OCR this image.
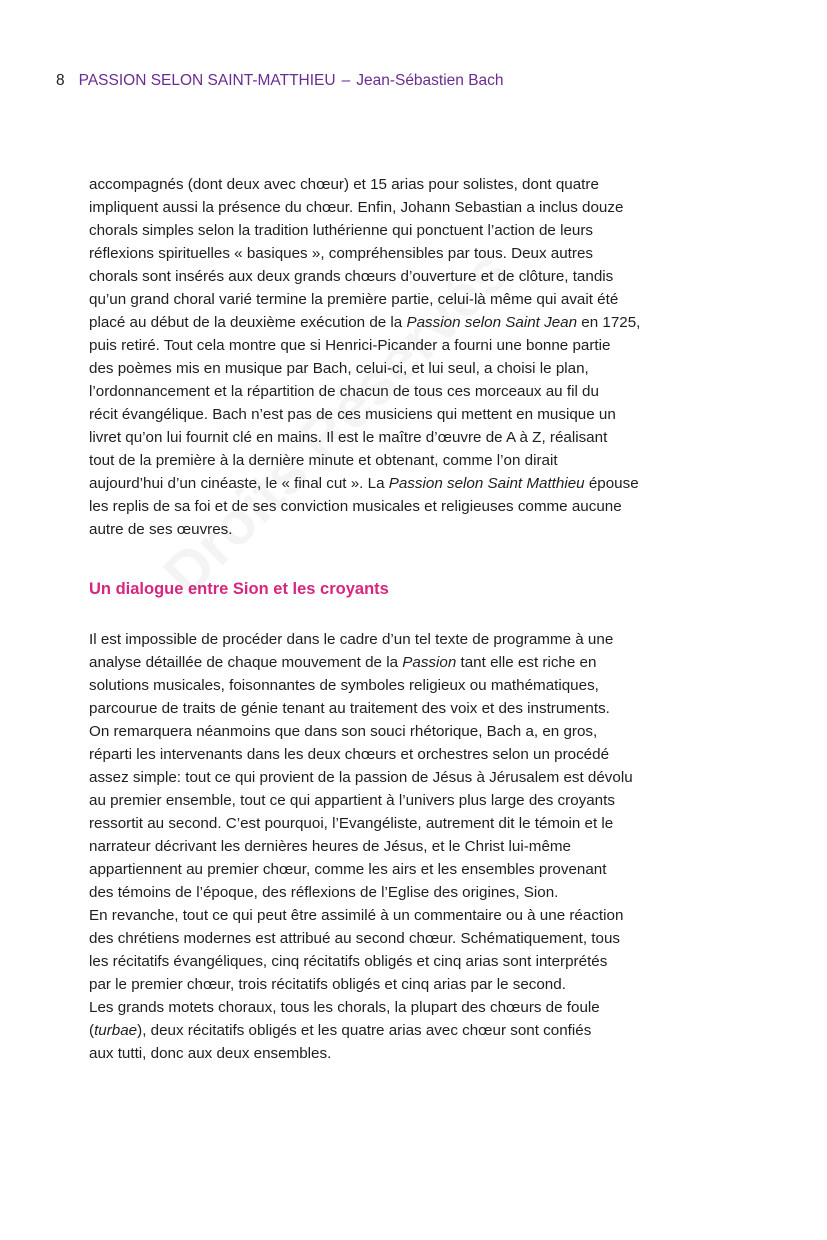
8 PASSION SELON SAINT-MATTHIEU – Jean-Sébastien Bach
accompagnés (dont deux avec chœur) et 15 arias pour solistes, dont quatre
impliquent aussi la présence du chœur. Enfin, Johann Sebastian a inclus douze
chorals simples selon la tradition luthérienne qui ponctuent l’action de leurs
réflexions spirituelles « basiques », compréhensibles par tous. Deux autres
chorals sont insérés aux deux grands chœurs d’ouverture et de clôture, tandis
qu’un grand choral varié termine la première partie, celui-là même qui avait été
placé au début de la deuxième exécution de la Passion selon Saint Jean en 1725,
puis retiré. Tout cela montre que si Henrici-Picander a fourni une bonne partie
des poèmes mis en musique par Bach, celui-ci, et lui seul, a choisi le plan,
l’ordonnancement et la répartition de chacun de tous ces morceaux au fil du
récit évangélique. Bach n’est pas de ces musiciens qui mettent en musique un
livret qu’on lui fournit clé en mains. Il est le maître d’œuvre de A à Z, réalisant
tout de la première à la dernière minute et obtenant, comme l’on dirait
aujourd’hui d’un cinéaste, le « final cut ». La Passion selon Saint Matthieu épouse
les replis de sa foi et de ses conviction musicales et religieuses comme aucune
autre de ses œuvres.
Un dialogue entre Sion et les croyants
Il est impossible de procéder dans le cadre d’un tel texte de programme à une
analyse détaillée de chaque mouvement de la Passion tant elle est riche en
solutions musicales, foisonnantes de symboles religieux ou mathématiques,
parcourue de traits de génie tenant au traitement des voix et des instruments.
On remarquera néanmoins que dans son souci rhétorique, Bach a, en gros,
réparti les intervenants dans les deux chœurs et orchestres selon un procédé
assez simple: tout ce qui provient de la passion de Jésus à Jérusalem est dévolu
au premier ensemble, tout ce qui appartient à l’univers plus large des croyants
ressortit au second. C’est pourquoi, l’Evangéliste, autrement dit le témoin et le
narrateur décrivant les dernières heures de Jésus, et le Christ lui-même
appartiennent au premier chœur, comme les airs et les ensembles provenant
des témoins de l’époque, des réflexions de l’Eglise des origines, Sion.
En revanche, tout ce qui peut être assimilé à un commentaire ou à une réaction
des chrétiens modernes est attribué au second chœur. Schématiquement, tous
les récitatifs évangéliques, cinq récitatifs obligés et cinq arias sont interprétés
par le premier chœur, trois récitatifs obligés et cinq arias par le second.
Les grands motets choraux, tous les chorals, la plupart des chœurs de foule
(turbae), deux récitatifs obligés et les quatre arias avec chœur sont confiés
aux tutti, donc aux deux ensembles.
